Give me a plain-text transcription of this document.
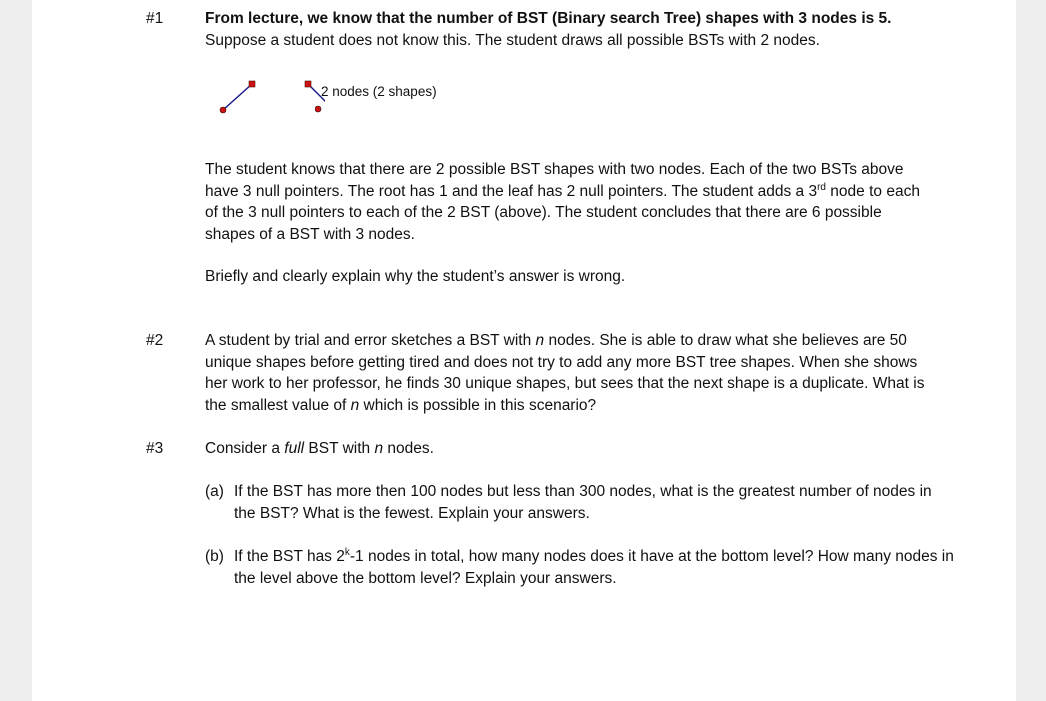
#1	From lecture, we know that the number of BST (Binary search Tree) shapes with 3 nodes is 5.
Suppose a student does not know this. The student draws all possible BSTs with 2 nodes.
2 nodes (2 shapes)
The student knows that there are 2 possible BST shapes with two nodes. Each of the two BSTs above have 3 null pointers. The root has 1 and the leaf has 2 null pointers. The student adds a 3rd node to each of the 3 null pointers to each of the 2 BST (above). The student concludes that there are 6 possible shapes of a BST with 3 nodes.
Briefly and clearly explain why the student’s answer is wrong.
#2	A student by trial and error sketches a BST with n nodes. She is able to draw what she believes are 50 unique shapes before getting tired and does not try to add any more BST tree shapes. When she shows her work to her professor, he finds 30 unique shapes, but sees that the next shape is a duplicate. What is the smallest value of n which is possible in this scenario?
#3	Consider a full BST with n nodes.
(a) If the BST has more then 100 nodes but less than 300 nodes, what is the greatest number of nodes in the BST? What is the fewest. Explain your answers.
(b) If the BST has 2$^k$-1 nodes in total, how many nodes does it have at the bottom level? How many nodes in the level above the bottom level? Explain your answers.
